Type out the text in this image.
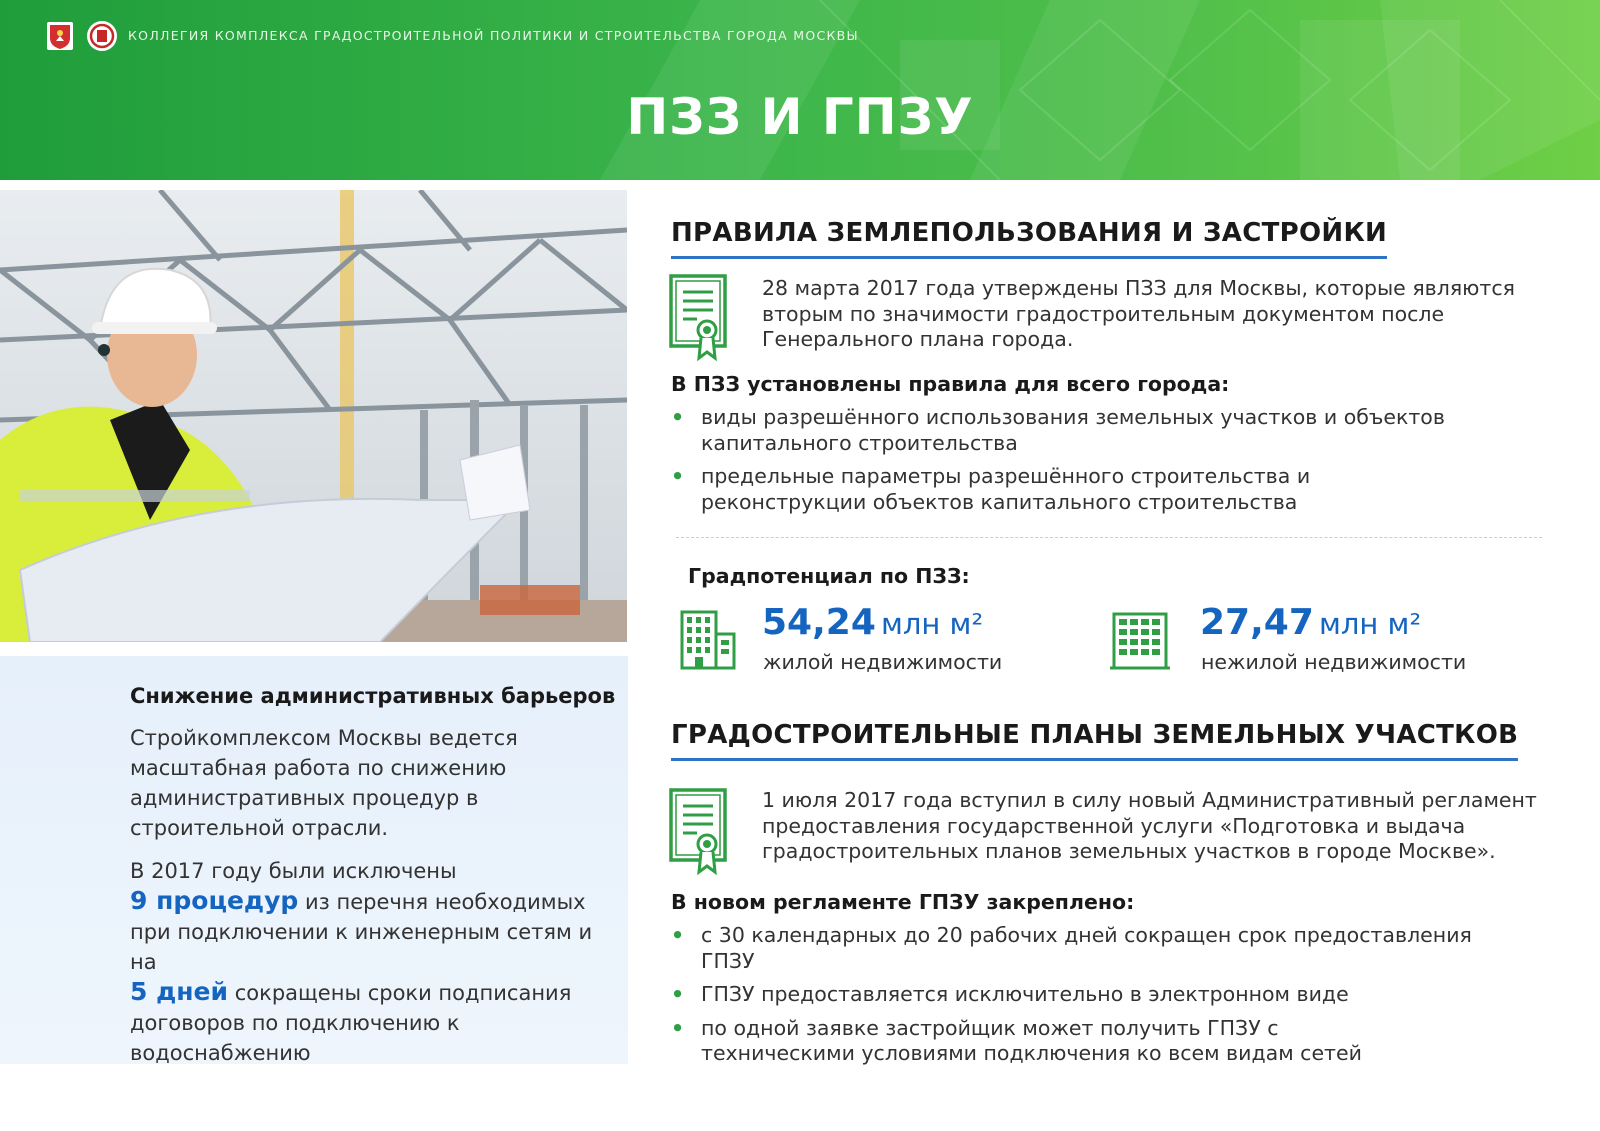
КОЛЛЕГИЯ КОМПЛЕКСА ГРАДОСТРОИТЕЛЬНОЙ ПОЛИТИКИ И СТРОИТЕЛЬСТВА ГОРОДА МОСКВЫ
ПЗЗ И ГПЗУ
Снижение административных барьеров
Стройкомплексом Москвы ведется масштабная работа по снижению административных процедур в строительной отрасли.
В 2017 году были исключены
9 процедур из перечня необходимых при подключении к инженерным сетям и на
5 дней сокращены сроки подписания договоров по подключению к водоснабжению
ПРАВИЛА ЗЕМЛЕПОЛЬЗОВАНИЯ И ЗАСТРОЙКИ
28 марта 2017 года утверждены ПЗЗ для Москвы, которые являются вторым по значимости градостроительным документом после Генерального плана города.
В ПЗЗ установлены правила для всего города:
• виды разрешённого использования земельных участков и объектов капитального строительства
• предельные параметры разрешённого строительства и реконструкции объектов капитального строительства
Градпотенциал по ПЗЗ:
54,24 млн м²
жилой недвижимости
27,47 млн м²
нежилой недвижимости
ГРАДОСТРОИТЕЛЬНЫЕ ПЛАНЫ ЗЕМЕЛЬНЫХ УЧАСТКОВ
1 июля 2017 года вступил в силу новый Административный регламент предоставления государственной услуги «Подготовка и выдача градостроительных планов земельных участков в городе Москве».
В новом регламенте ГПЗУ закреплено:
• с 30 календарных до 20 рабочих дней сокращен срок предоставления ГПЗУ
• ГПЗУ предоставляется исключительно в электронном виде
• по одной заявке застройщик может получить ГПЗУ с техническими условиями подключения ко всем видам сетей
